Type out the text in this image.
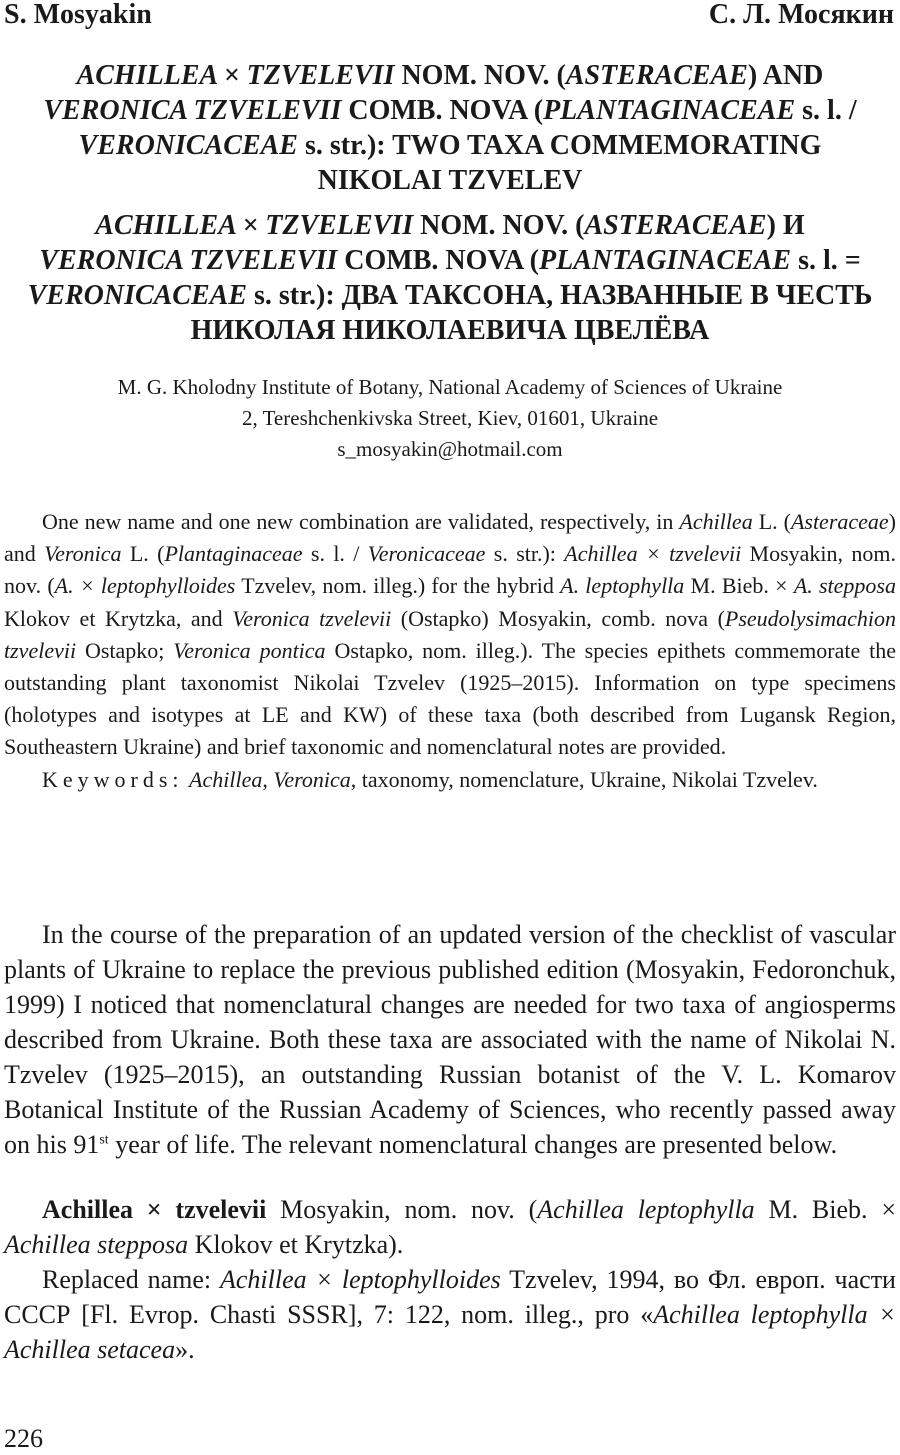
S. Mosyakin	С. Л. Мосякин
ACHILLEA × TZVELEVII NOM. NOV. (ASTERACEAE) AND VERONICA TZVELEVII COMB. NOVA (PLANTAGINACEAE s. l. / VERONICACEAE s. str.): TWO TAXA COMMEMORATING NIKOLAI TZVELEV
ACHILLEA × TZVELEVII NOM. NOV. (ASTERACEAE) И VERONICA TZVELEVII COMB. NOVA (PLANTAGINACEAE s. l. = VERONICACEAE s. str.): ДВА ТАКСОНА, НАЗВАННЫЕ В ЧЕСТЬ НИКОЛАЯ НИКОЛАЕВИЧА ЦВЕЛЁВА
M. G. Kholodny Institute of Botany, National Academy of Sciences of Ukraine
2, Tereshchenkivska Street, Kiev, 01601, Ukraine
s_mosyakin@hotmail.com

One new name and one new combination are validated, respectively, in Achillea L. (Asteraceae) and Veronica L. (Plantaginaceae s. l. / Veronicaceae s. str.): Achillea × tzvelevii Mosyakin, nom. nov. (A. × leptophylloides Tzvelev, nom. illeg.) for the hybrid A. leptophylla M. Bieb. × A. stepposa Klokov et Krytzka, and Veronica tzvelevii (Ostapko) Mosyakin, comb. nova (Pseudolysimachion tzvelevii Ostapko; Veronica pontica Ostapko, nom. illeg.). The species epithets commemorate the outstanding plant taxonomist Nikolai Tzvelev (1925–2015). Information on type specimens (holotypes and isotypes at LE and KW) of these taxa (both described from Lugansk Region, Southeastern Ukraine) and brief taxonomic and nomenclatural notes are provided.

Keywords: Achillea, Veronica, taxonomy, nomenclature, Ukraine, Nikolai Tzvelev.

In the course of the preparation of an updated version of the checklist of vascular plants of Ukraine to replace the previous published edition (Mosyakin, Fedoronchuk, 1999) I noticed that nomenclatural changes are needed for two taxa of angiosperms described from Ukraine. Both these taxa are associated with the name of Nikolai N. Tzvelev (1925–2015), an outstanding Russian botanist of the V. L. Komarov Botanical Institute of the Russian Academy of Sciences, who recently passed away on his 91st year of life. The relevant nomenclatural changes are presented below.

Achillea × tzvelevii Mosyakin, nom. nov. (Achillea leptophylla M. Bieb. × Achillea stepposa Klokov et Krytzka).

Replaced name: Achillea × leptophylloides Tzvelev, 1994, во Фл. европ. части СССР [Fl. Evrop. Chasti SSSR], 7: 122, nom. illeg., pro «Achillea leptophylla × Achillea setacea».

226
